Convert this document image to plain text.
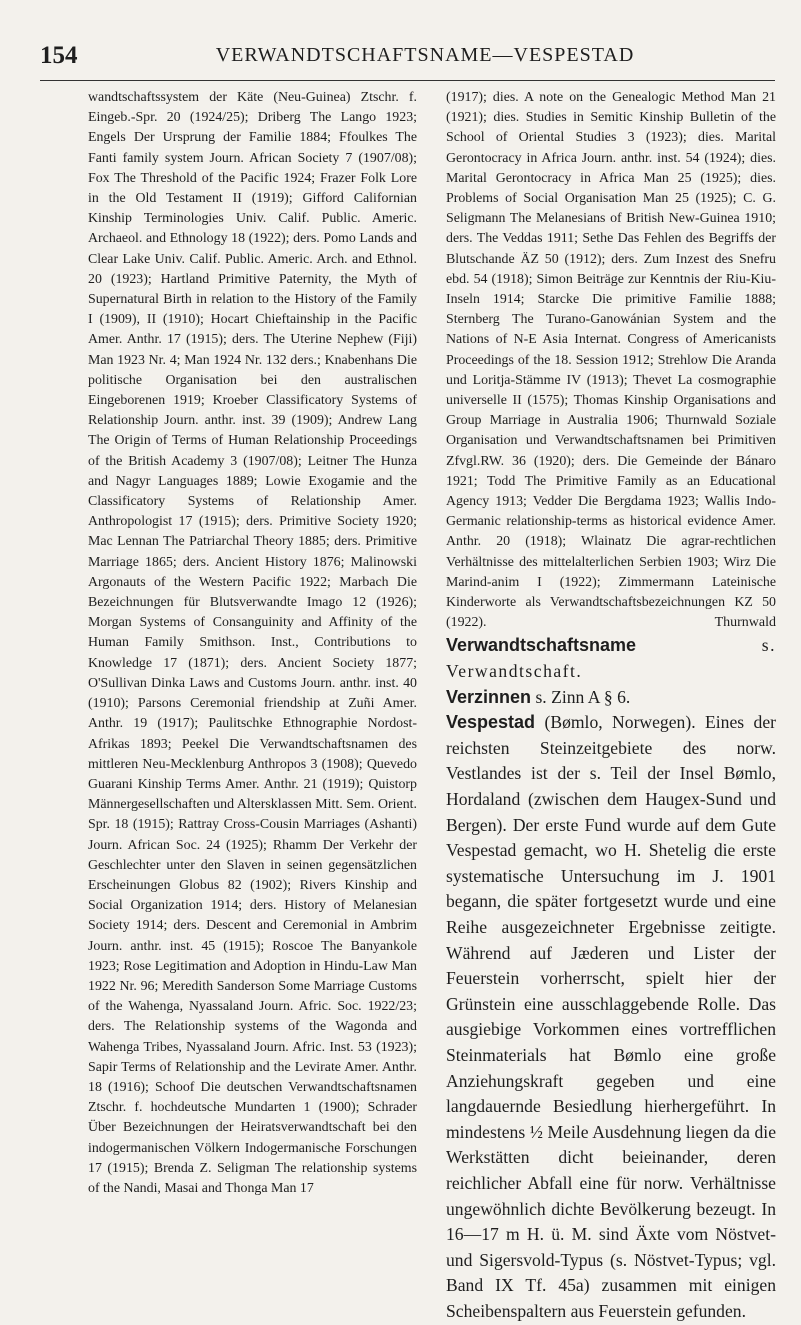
154	VERWANDTSCHAFTSNAME—VESPESTAD
wandtschaftssystem der Käte (Neu-Guinea) Ztschr. f. Eingeb.-Spr. 20 (1924/25); Driberg The Lango 1923; Engels Der Ursprung der Familie 1884; Ffoulkes The Fanti family system Journ. African Society 7 (1907/08); Fox The Threshold of the Pacific 1924; Frazer Folk Lore in the Old Testament II (1919); Gifford Californian Kinship Terminologies Univ. Calif. Public. Americ. Archaeol. and Ethnology 18 (1922); ders. Pomo Lands and Clear Lake Univ. Calif. Public. Americ. Arch. and Ethnol. 20 (1923); Hartland Primitive Paternity, the Myth of Supernatural Birth in relation to the History of the Family I (1909), II (1910); Hocart Chieftainship in the Pacific Amer. Anthr. 17 (1915); ders. The Uterine Nephew (Fiji) Man 1923 Nr. 4; Man 1924 Nr. 132 ders.; Knabenhans Die politische Organisation bei den australischen Eingeborenen 1919; Kroeber Classificatory Systems of Relationship Journ. anthr. inst. 39 (1909); Andrew Lang The Origin of Terms of Human Relationship Proceedings of the British Academy 3 (1907/08); Leitner The Hunza and Nagyr Languages 1889; Lowie Exogamie and the Classificatory Systems of Relationship Amer. Anthropologist 17 (1915); ders. Primitive Society 1920; Mac Lennan The Patriarchal Theory 1885; ders. Primitive Marriage 1865; ders. Ancient History 1876; Malinowski Argonauts of the Western Pacific 1922; Marbach Die Bezeichnungen für Blutsverwandte Imago 12 (1926); Morgan Systems of Consanguinity and Affinity of the Human Family Smithson. Inst., Contributions to Knowledge 17 (1871); ders. Ancient Society 1877; O'Sullivan Dinka Laws and Customs Journ. anthr. inst. 40 (1910); Parsons Ceremonial friendship at Zuñi Amer. Anthr. 19 (1917); Paulitschke Ethnographie Nordost-Afrikas 1893; Peekel Die Verwandtschaftsnamen des mittleren Neu-Mecklenburg Anthropos 3 (1908); Quevedo Guarani Kinship Terms Amer. Anthr. 21 (1919); Quistorp Männergesellschaften und Altersklassen Mitt. Sem. Orient. Spr. 18 (1915); Rattray Cross-Cousin Marriages (Ashanti) Journ. African Soc. 24 (1925); Rhamm Der Verkehr der Geschlechter unter den Slaven in seinen gegensätzlichen Erscheinungen Globus 82 (1902); Rivers Kinship and Social Organization 1914; ders. History of Melanesian Society 1914; ders. Descent and Ceremonial in Ambrim Journ. anthr. inst. 45 (1915); Roscoe The Banyankole 1923; Rose Legitimation and Adoption in Hindu-Law Man 1922 Nr. 96; Meredith Sanderson Some Marriage Customs of the Wahenga, Nyassaland Journ. Afric. Soc. 1922/23; ders. The Relationship systems of the Wagonda and Wahenga Tribes, Nyassaland Journ. Afric. Inst. 53 (1923); Sapir Terms of Relationship and the Levirate Amer. Anthr. 18 (1916); Schoof Die deutschen Verwandtschaftsnamen Ztschr. f. hochdeutsche Mundarten 1 (1900); Schrader Über Bezeichnungen der Heiratsverwandtschaft bei den indogermanischen Völkern Indogermanische Forschungen 17 (1915); Brenda Z. Seligman The relationship systems of the Nandi, Masai and Thonga Man 17
(1917); dies. A note on the Genealogic Method Man 21 (1921); dies. Studies in Semitic Kinship Bulletin of the School of Oriental Studies 3 (1923); dies. Marital Gerontocracy in Africa Journ. anthr. inst. 54 (1924); dies. Marital Gerontocracy in Africa Man 25 (1925); dies. Problems of Social Organisation Man 25 (1925); C. G. Seligmann The Melanesians of British New-Guinea 1910; ders. The Veddas 1911; Sethe Das Fehlen des Begriffs der Blutschande ÄZ 50 (1912); ders. Zum Inzest des Snefru ebd. 54 (1918); Simon Beiträge zur Kenntnis der Riu-Kiu-Inseln 1914; Starcke Die primitive Familie 1888; Sternberg The Turano-Ganowánian System and the Nations of N-E Asia Internat. Congress of Americanists Proceedings of the 18. Session 1912; Strehlow Die Aranda und Loritja-Stämme IV (1913); Thevet La cosmographie universelle II (1575); Thomas Kinship Organisations and Group Marriage in Australia 1906; Thurnwald Soziale Organisation und Verwandtschaftsnamen bei Primitiven Zfvgl.RW. 36 (1920); ders. Die Gemeinde der Bánaro 1921; Todd The Primitive Family as an Educational Agency 1913; Vedder Die Bergdama 1923; Wallis Indo-Germanic relationship-terms as historical evidence Amer. Anthr. 20 (1918); Wlainatz Die agrar-rechtlichen Verhältnisse des mittelalterlichen Serbien 1903; Wirz Die Marind-anim I (1922); Zimmermann Lateinische Kinderworte als Verwandtschaftsbezeichnungen KZ 50 (1922).	Thurnwald
Verwandtschaftsname	s. Verwandtschaft.
Verzinnen s. Zinn A § 6.
Vespestad (Bømlo, Norwegen). Eines der reichsten Steinzeitgebiete des norw. Vestlandes ist der s. Teil der Insel Bømlo, Hordaland (zwischen dem Haugex-Sund und Bergen). Der erste Fund wurde auf dem Gute Vespestad gemacht, wo H. Shetelig die erste systematische Untersuchung im J. 1901 begann, die später fortgesetzt wurde und eine Reihe ausgezeichneter Ergebnisse zeitigte. Während auf Jæderen und Lister der Feuerstein vorherrscht, spielt hier der Grünstein eine ausschlaggebende Rolle. Das ausgiebige Vorkommen eines vortrefflichen Steinmaterials hat Bømlo eine große Anziehungskraft gegeben und eine langdauernde Besiedlung hierhergeführt. In mindestens ½ Meile Ausdehnung liegen da die Werkstätten dicht beieinander, deren reichlicher Abfall eine für norw. Verhältnisse ungewöhnlich dichte Bevölkerung bezeugt. In 16—17 m H. ü. M. sind Äxte vom Nöstvet- und Sigersvold-Typus (s. Nöstvet-Typus; vgl. Band IX Tf. 45a) zusammen mit einigen Scheibenspaltern aus Feuerstein gefunden.
